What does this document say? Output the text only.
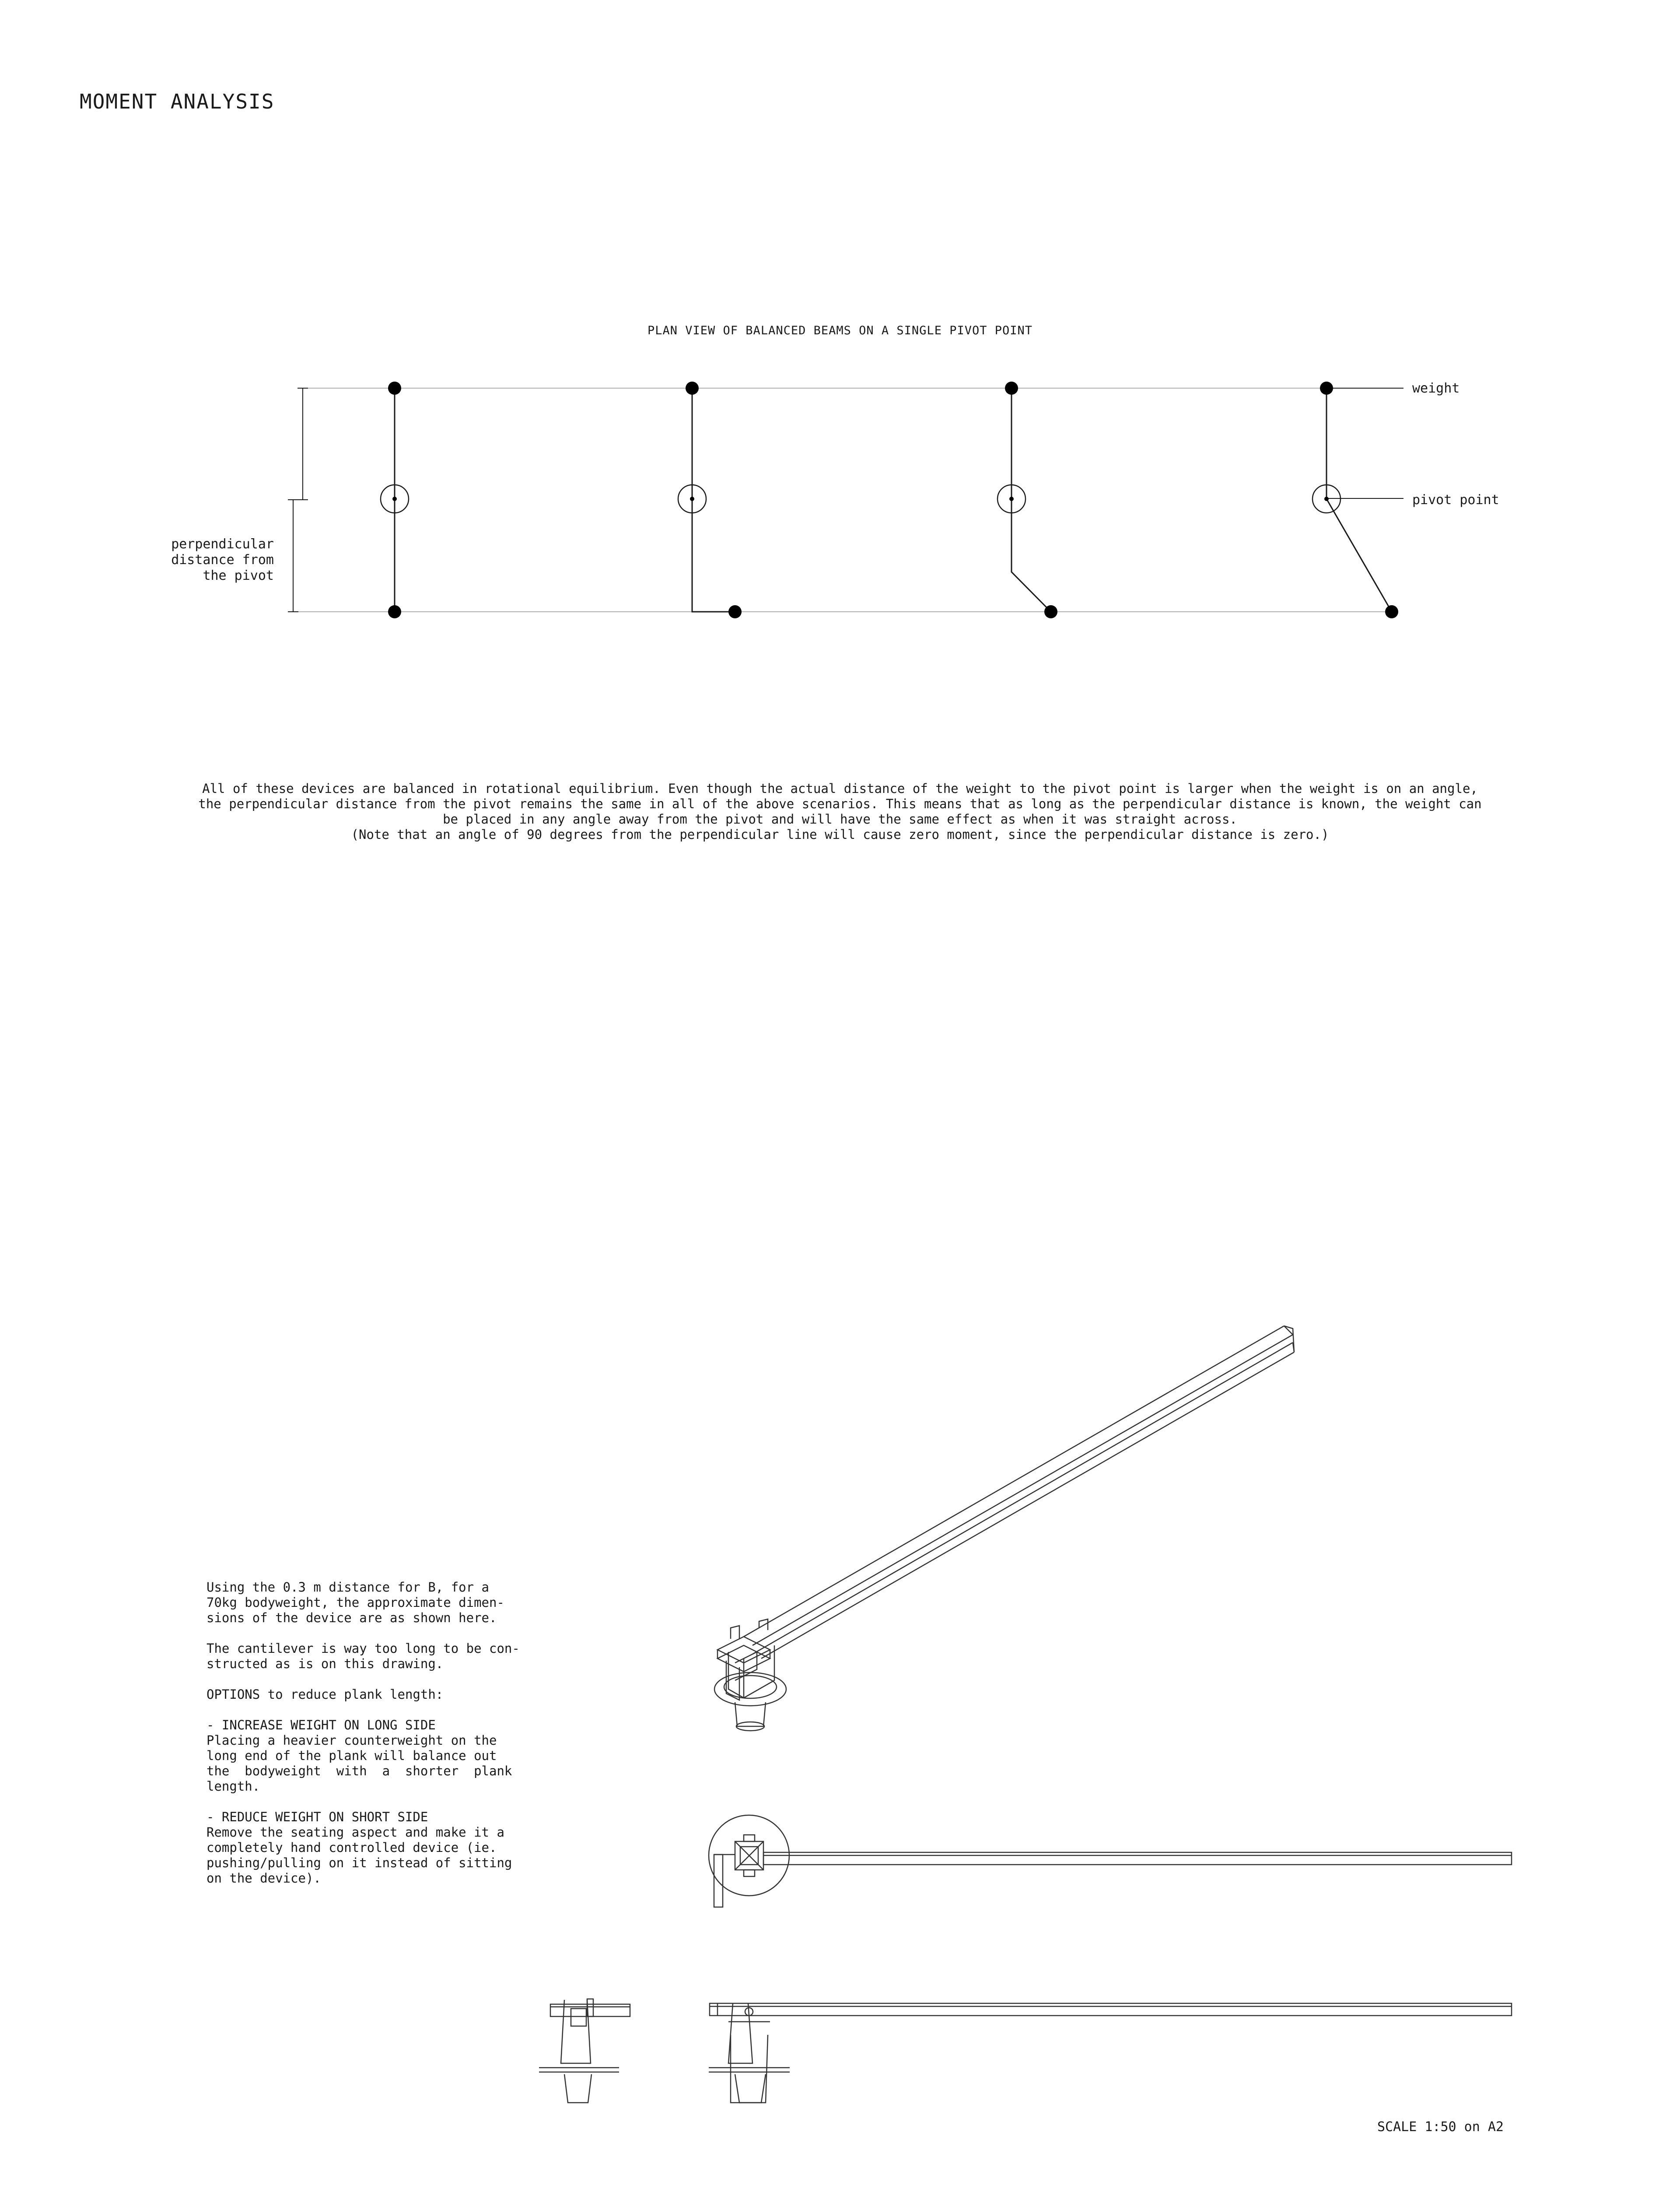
MOMENT ANALYSIS
PLAN VIEW OF BALANCED BEAMS ON A SINGLE PIVOT POINT
weight
pivot point
perpendicular
distance from
the pivot
All of these devices are balanced in rotational equilibrium. Even though the actual distance of the weight to the pivot point is larger when the weight is on an angle,
the perpendicular distance from the pivot remains the same in all of the above scenarios. This means that as long as the perpendicular distance is known, the weight can
be placed in any angle away from the pivot and will have the same effect as when it was straight across.
(Note that an angle of 90 degrees from the perpendicular line will cause zero moment, since the perpendicular distance is zero.)

Using the 0.3 m distance for B, for a
70kg bodyweight, the approximate dimen-
sions of the device are as shown here.

The cantilever is way too long to be con-
structed as is on this drawing.

OPTIONS to reduce plank length:

- INCREASE WEIGHT ON LONG SIDE
Placing a heavier counterweight on the
long end of the plank will balance out
the  bodyweight  with  a  shorter  plank
length.

- REDUCE WEIGHT ON SHORT SIDE
Remove the seating aspect and make it a
completely hand controlled device (ie.
pushing/pulling on it instead of sitting
on the device).

SCALE 1:50 on A2
